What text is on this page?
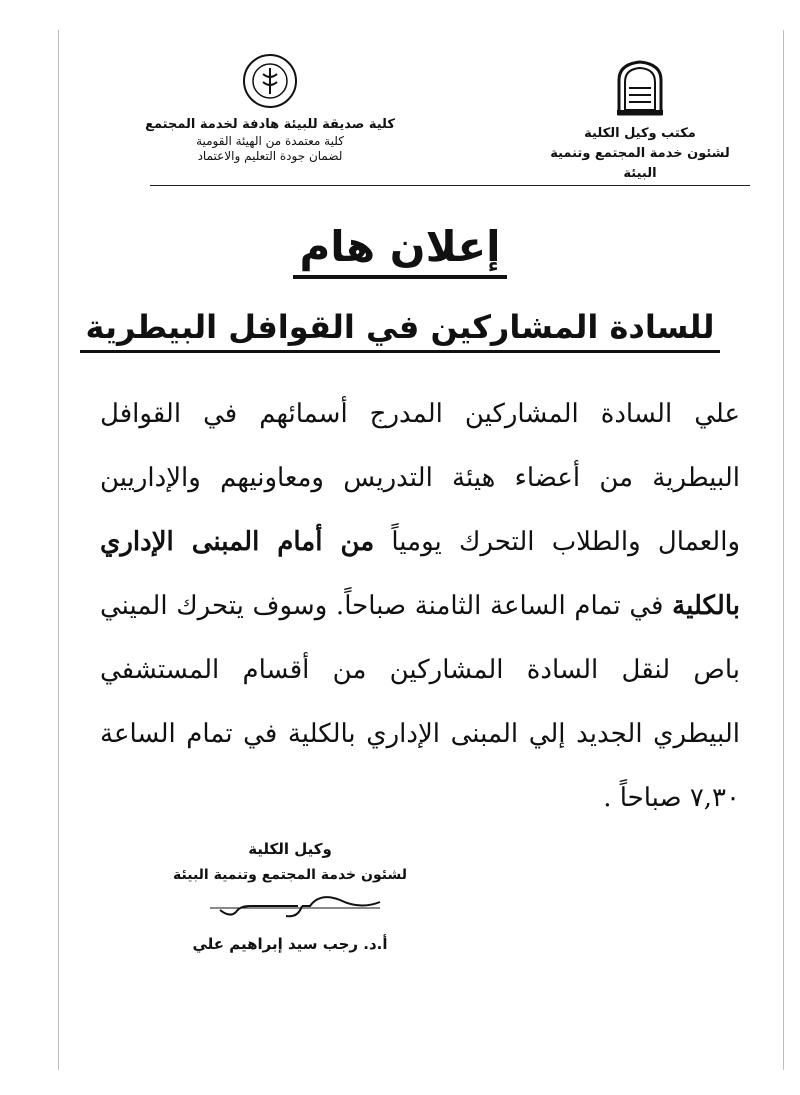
مكتب وكيل الكلية
لشئون خدمة المجتمع وتنمية البيئة
كلية صديقة للبيئة هادفة لخدمة المجتمع
كلية معتمدة من الهيئة القومية
لضمان جودة التعليم والاعتماد
إعلان هام
للسادة المشاركين في القوافل البيطرية
علي السادة المشاركين المدرج أسمائهم في القوافل البيطرية من أعضاء هيئة التدريس ومعاونيهم والإداريين والعمال والطلاب التحرك يومياً من أمام المبنى الإداري بالكلية في تمام الساعة الثامنة صباحاً. وسوف يتحرك الميني باص لنقل السادة المشاركين من أقسام المستشفي البيطري الجديد إلي المبنى الإداري بالكلية في تمام الساعة ٧,٣٠ صباحاً .
وكيل الكلية
لشئون خدمة المجتمع وتنمية البيئة
أ.د. رجب سيد إبراهيم علي
